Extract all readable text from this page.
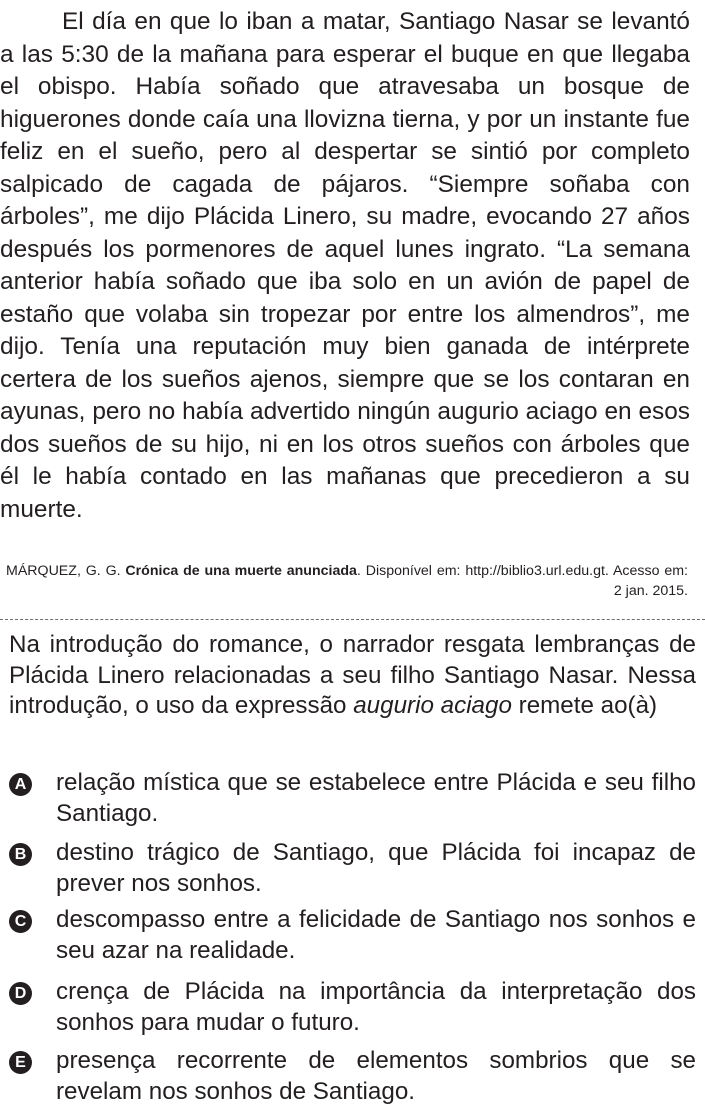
El día en que lo iban a matar, Santiago Nasar se levantó a las 5:30 de la mañana para esperar el buque en que llegaba el obispo. Había soñado que atravesaba un bosque de higuerones donde caía una llovizna tierna, y por un instante fue feliz en el sueño, pero al despertar se sintió por completo salpicado de cagada de pájaros. “Siempre soñaba con árboles”, me dijo Plácida Linero, su madre, evocando 27 años después los pormenores de aquel lunes ingrato. “La semana anterior había soñado que iba solo en un avión de papel de estaño que volaba sin tropezar por entre los almendros”, me dijo. Tenía una reputación muy bien ganada de intérprete certera de los sueños ajenos, siempre que se los contaran en ayunas, pero no había advertido ningún augurio aciago en esos dos sueños de su hijo, ni en los otros sueños con árboles que él le había contado en las mañanas que precedieron a su muerte.
MÁRQUEZ, G. G. Crónica de una muerte anunciada. Disponível em: http://biblio3.url.edu.gt. Acesso em: 2 jan. 2015.
Na introdução do romance, o narrador resgata lembranças de Plácida Linero relacionadas a seu filho Santiago Nasar. Nessa introdução, o uso da expressão augurio aciago remete ao(à)
A relação mística que se estabelece entre Plácida e seu filho Santiago.
B destino trágico de Santiago, que Plácida foi incapaz de prever nos sonhos.
C descompasso entre a felicidade de Santiago nos sonhos e seu azar na realidade.
D crença de Plácida na importância da interpretação dos sonhos para mudar o futuro.
E presença recorrente de elementos sombrios que se revelam nos sonhos de Santiago.
